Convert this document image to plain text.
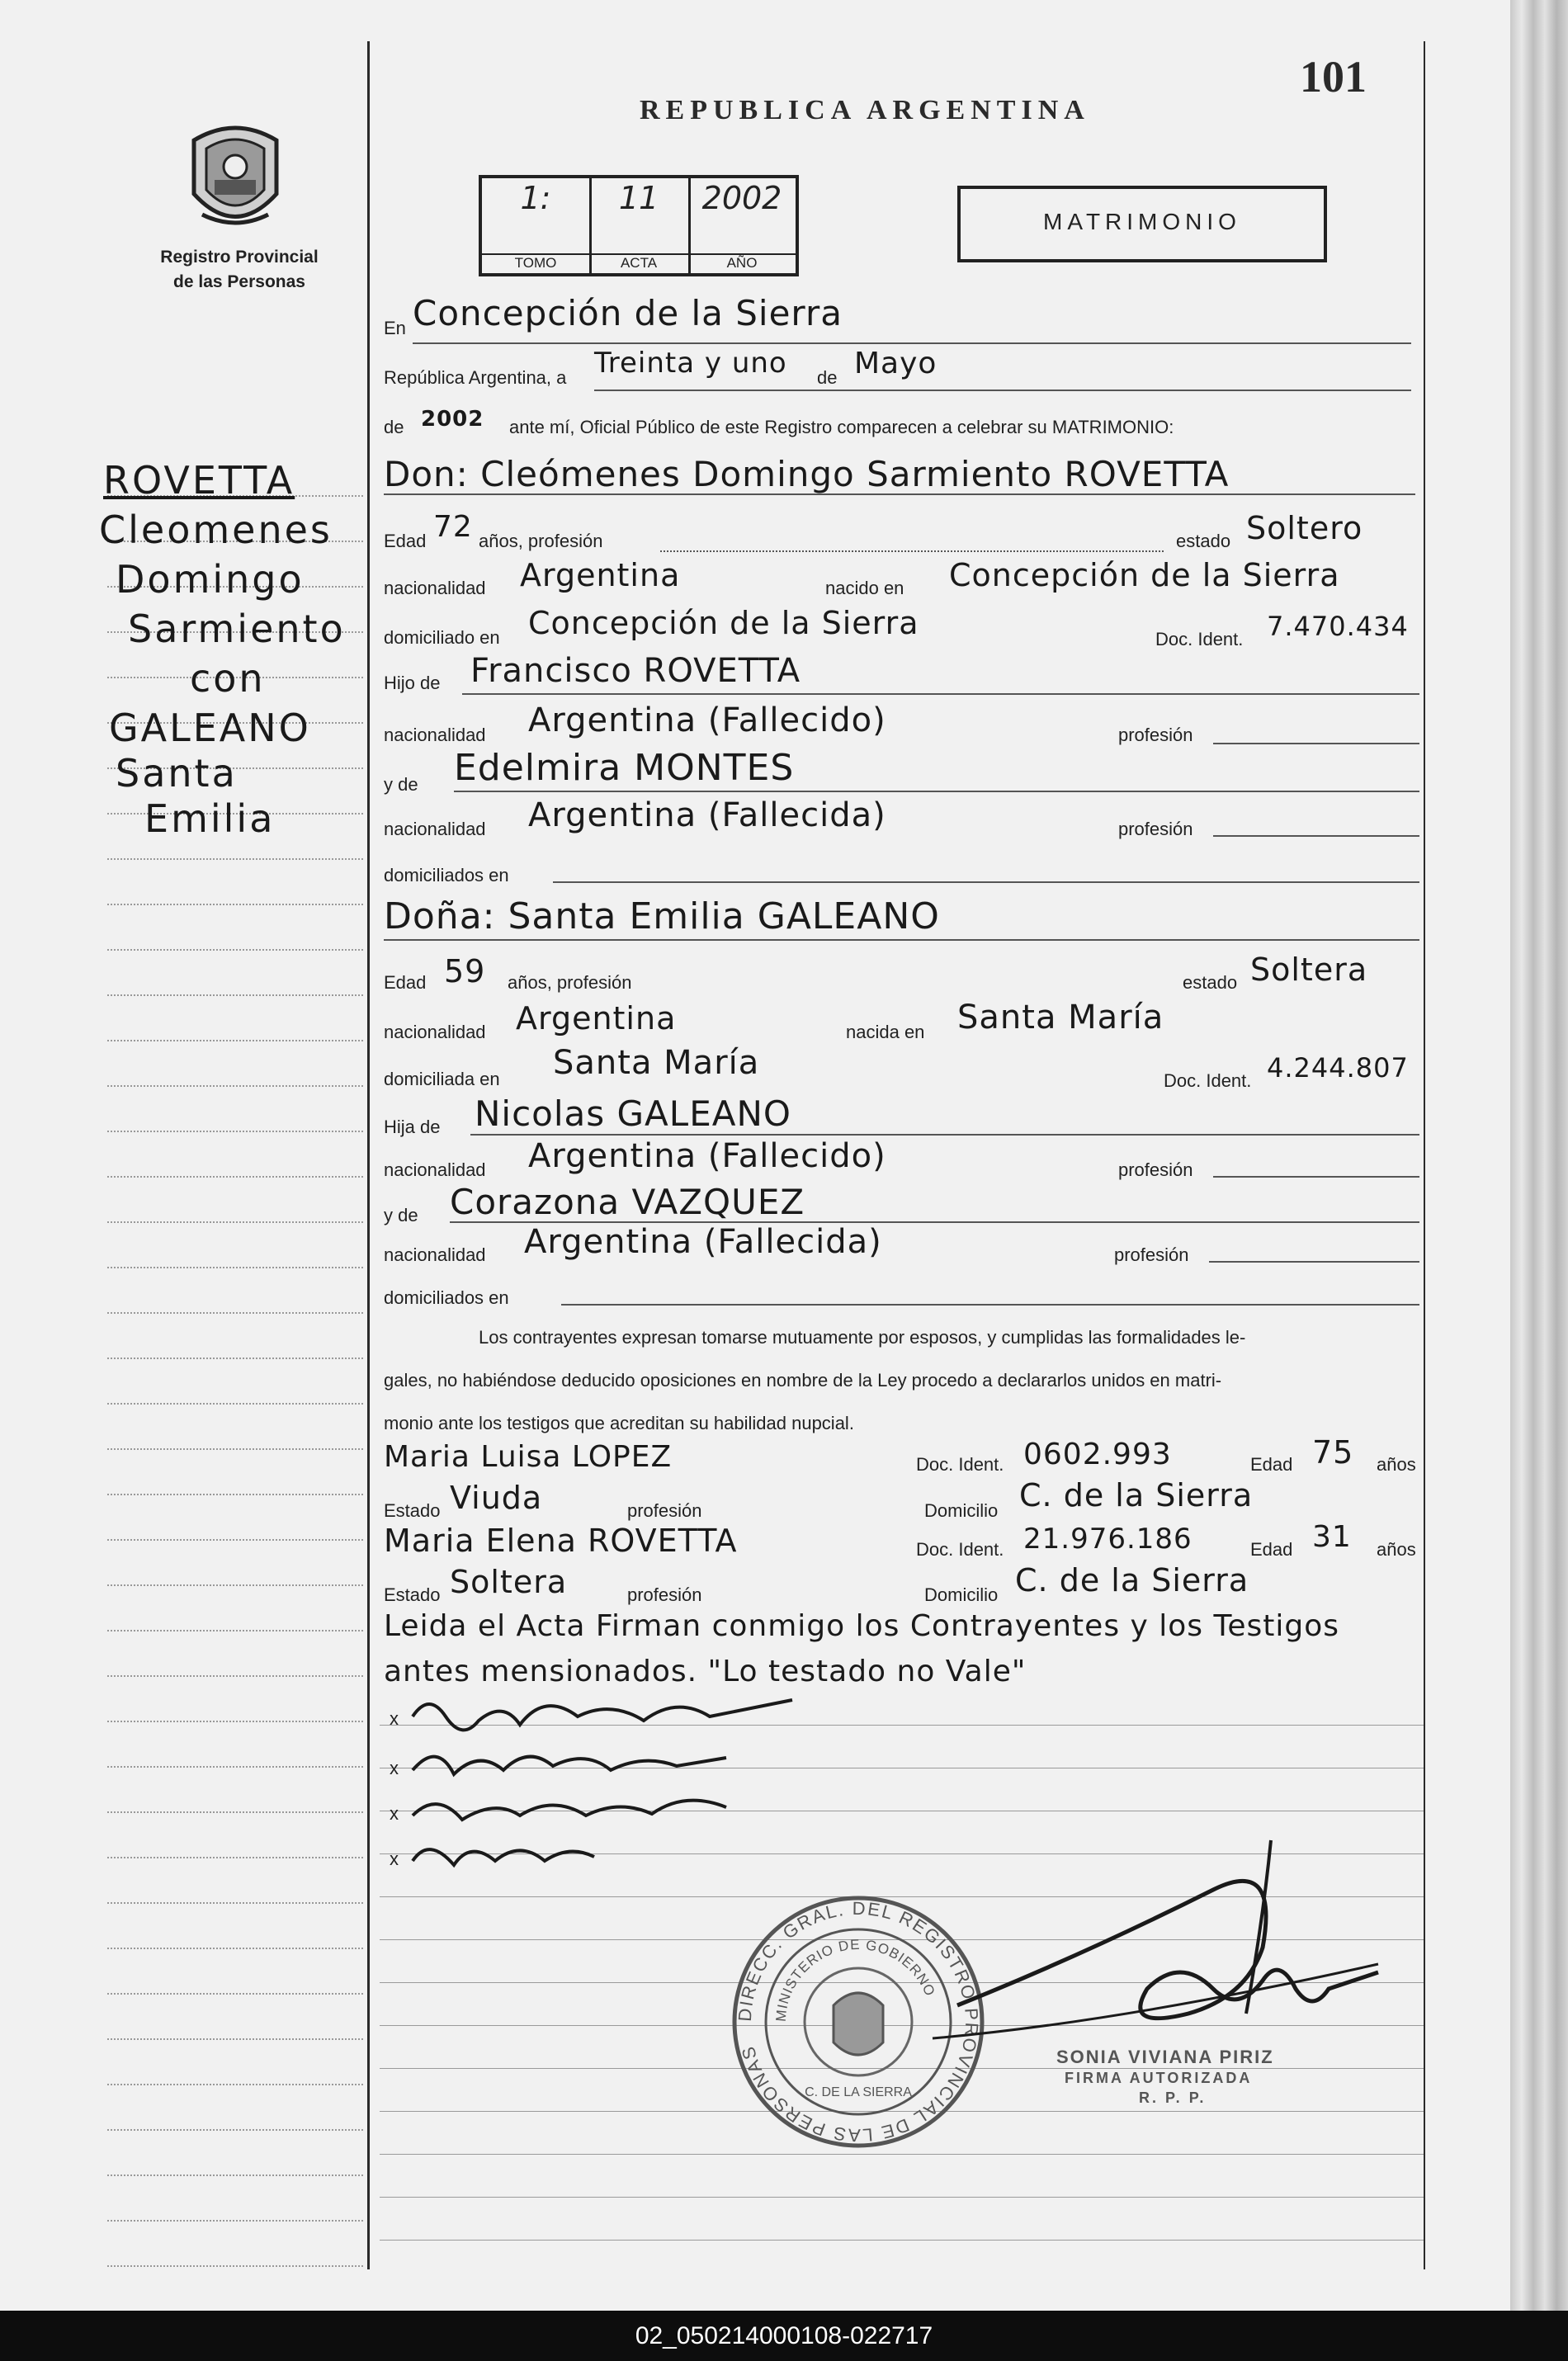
Registro Provincial
de las Personas
REPUBLICA ARGENTINA
101
1:
TOMO
11
ACTA
2002
AÑO
MATRIMONIO
ROVETTA
Cleomenes
Domingo
Sarmiento
con
GALEANO
Santa
Emilia
En Concepción de la Sierra
República Argentina, a Treinta y uno de Mayo
de 2002 ante mí, Oficial Público de este Registro comparecen a celebrar su MATRIMONIO:
Don: Cleómenes Domingo Sarmiento ROVETTA
Edad 72 años, profesión	estado Soltero
nacionalidad Argentina	nacido en Concepción de la Sierra
domiciliado en Concepción de la Sierra	Doc. Ident. 7.470.434
Hijo de Francisco ROVETTA
nacionalidad Argentina (Fallecido)	profesión
y de Edelmira MONTES
nacionalidad Argentina (Fallecida)	profesión
domiciliados en
Doña: Santa Emilia GALEANO
Edad 59 años, profesión	estado Soltera
nacionalidad Argentina	nacida en Santa María
domiciliada en Santa María	Doc. Ident. 4.244.807
Hija de Nicolas GALEANO
nacionalidad Argentina (Fallecido)	profesión
y de Corazona VAZQUEZ
nacionalidad Argentina (Fallecida)	profesión
domiciliados en
Los contrayentes expresan tomarse mutuamente por esposos, y cumplidas las formalidades le-
gales, no habiéndose deducido oposiciones en nombre de la Ley procedo a declararlos unidos en matri-
monio ante los testigos que acreditan su habilidad nupcial.
Maria Luisa LOPEZ	Doc. Ident. 0602.993	Edad 75 años
Estado Viuda	profesión	Domicilio C. de la Sierra
Maria Elena ROVETTA	Doc. Ident. 21.976.186	Edad 31 años
Estado Soltera	profesión	Domicilio C. de la Sierra
Leida el Acta Firman conmigo los Contrayentes y los Testigos
antes mensionados. "Lo testado no Vale"
x
x
x
x
DIRECC. GRAL. DEL REGISTRO PROVINCIAL DE LAS PERSONAS
MINISTERIO DE GOBIERNO
C. DE LA SIERRA
SONIA VIVIANA PIRIZ
FIRMA AUTORIZADA
R. P. P.
02_050214000108-022717
